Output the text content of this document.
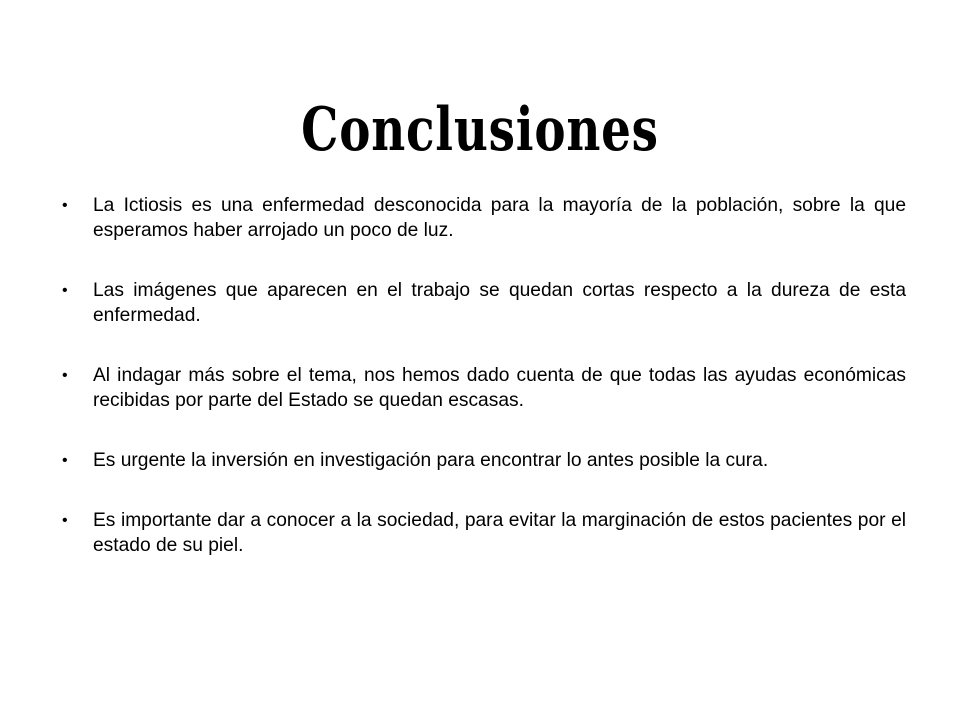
Conclusiones
• La Ictiosis es una enfermedad desconocida para la mayoría de la población, sobre la que esperamos haber arrojado un poco de luz.
• Las imágenes que aparecen en el trabajo se quedan cortas respecto a la dureza de esta enfermedad.
• Al indagar más sobre el tema, nos hemos dado cuenta de que todas las ayudas económicas recibidas por parte del Estado se quedan escasas.
• Es urgente la inversión en investigación para encontrar lo antes posible la cura.
• Es importante dar a conocer a la sociedad, para evitar la marginación de estos pacientes por el estado de su piel.
